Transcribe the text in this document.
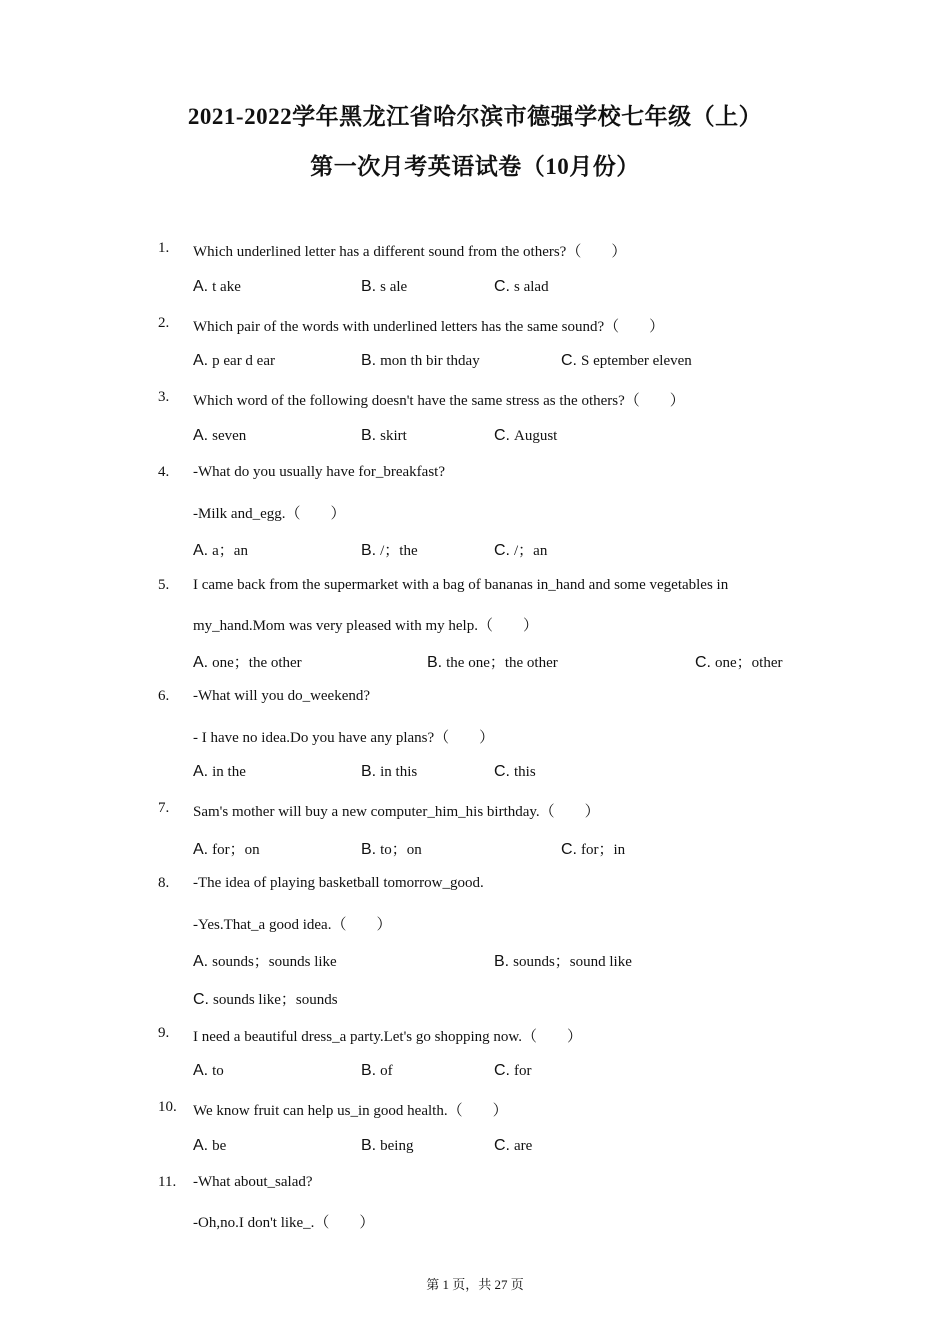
2021-2022学年黑龙江省哈尔滨市德强学校七年级（上）
第一次月考英语试卷（10月份）
1. Which underlined letter has a different sound from the others?（　　）
A. t ake	B. s ale	C. s alad
2. Which pair of the words with underlined letters has the same sound?（　　）
A. p ear d ear	B. mon th bir thday	C. S eptember eleven
3. Which word of the following doesn't have the same stress as the others?（　　）
A. seven	B. skirt	C. August
4. -What do you usually have for_breakfast?
-Milk and_egg.（　　）
A. a；an	B. /；the	C. /；an
5. I came back from the supermarket with a bag of bananas in_hand and some vegetables in
my_hand.Mom was very pleased with my help.（　　）
A. one；the other	B. the one；the other	C. one；other
6. -What will you do_weekend?
- I have no idea.Do you have any plans?（　　）
A. in the	B. in this	C. this
7. Sam's mother will buy a new computer_him_his birthday.（　　）
A. for；on	B. to；on	C. for；in
8. -The idea of playing basketball tomorrow_good.
-Yes.That_a good idea.（　　）
A. sounds；sounds like	B. sounds；sound like
C. sounds like；sounds
9. I need a beautiful dress_a party.Let's go shopping now.（　　）
A. to	B. of	C. for
10. We know fruit can help us_in good health.（　　）
A. be	B. being	C. are
11. -What about_salad?
-Oh,no.I don't like_.（　　）
第 1 页，共 27 页
